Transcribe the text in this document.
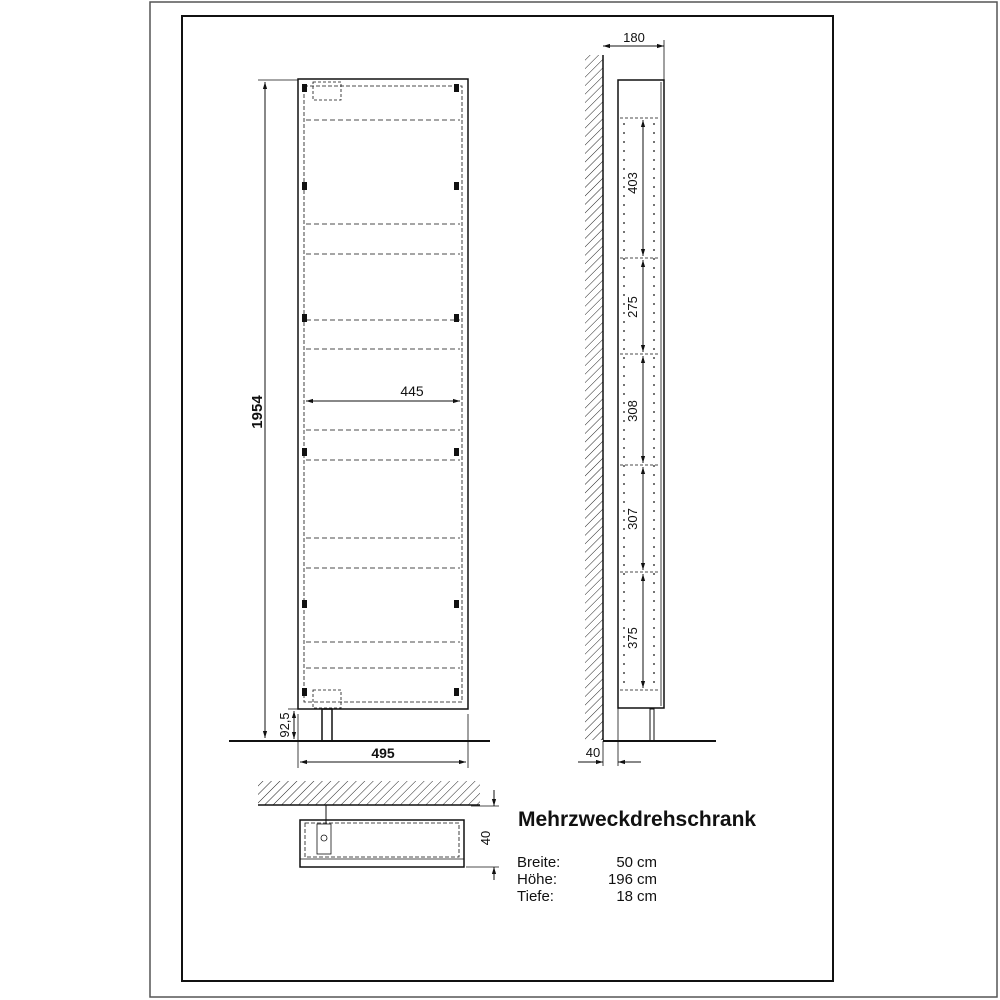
1954
92,5
445
495
180
40
403
275
308
307
375
40
Mehrzweckdrehschrank
Breite:	50 cm
Höhe:	196 cm
Tiefe:	18 cm
